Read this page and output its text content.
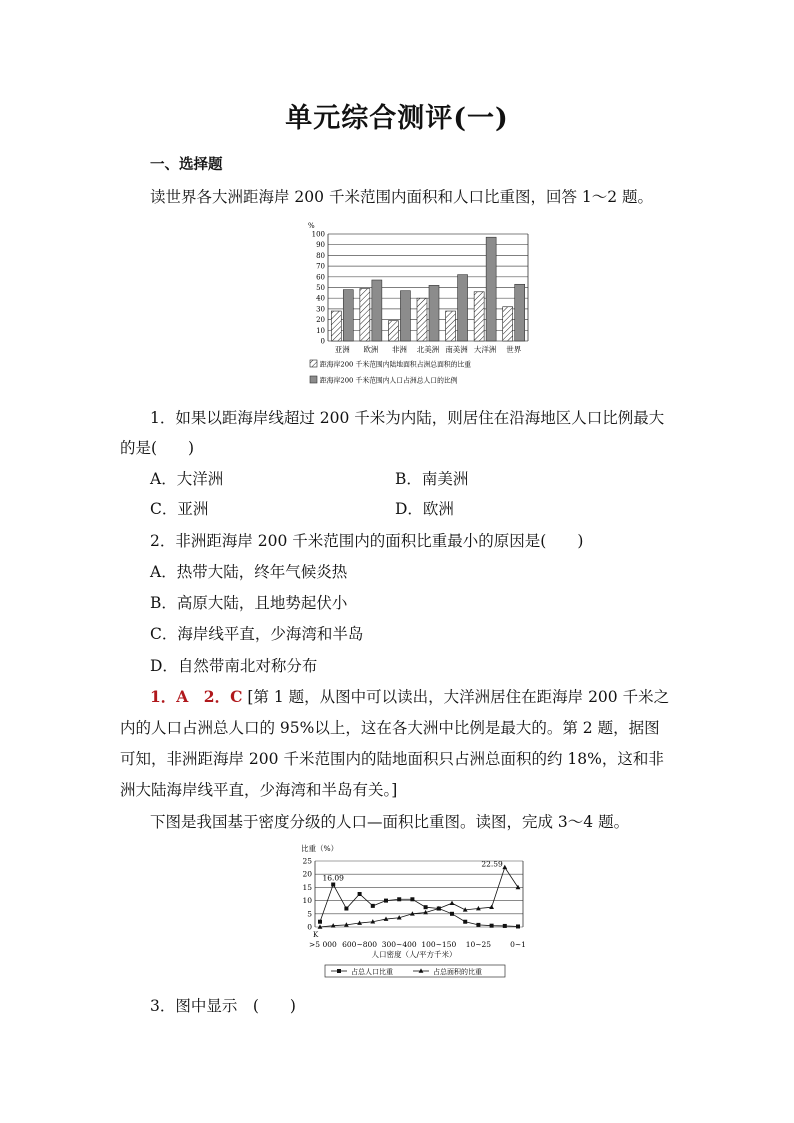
单元综合测评(一)
一、选择题
读世界各大洲距海岸 200 千米范围内面积和人口比重图，回答 1～2 题。
%
0
10
20
30
40
50
60
70
80
90
100
亚洲 欧洲 非洲 北美洲 南美洲 大洋洲 世界
距海岸200 千米范围内陆地面积占洲总面积的比重
距海岸200 千米范围内人口占洲总人口的比例
1．如果以距海岸线超过 200 千米为内陆，则居住在沿海地区人口比例最大
的是(　　)
A．大洋洲	B．南美洲
C．亚洲	D．欧洲
2．非洲距海岸 200 千米范围内的面积比重最小的原因是(　　)
A．热带大陆，终年气候炎热
B．高原大陆，且地势起伏小
C．海岸线平直，少海湾和半岛
D．自然带南北对称分布
1．A　2．C [第 1 题，从图中可以读出，大洋洲居住在距海岸 200 千米之
内的人口占洲总人口的 95%以上，这在各大洲中比例是最大的。第 2 题，据图
可知，非洲距海岸 200 千米范围内的陆地面积只占洲总面积的约 18%，这和非
洲大陆海岸线平直，少海湾和半岛有关。]
下图是我国基于密度分级的人口—面积比重图。读图，完成 3～4 题。
比重（%）
0
5
10
15
20
25
16.09
22.59
K
>5 000 600~800 300~400 100~150 10~25	0~1
人口密度（人/平方千米）
占总人口比重	占总面积的比重
3．图中显示　(　　)
